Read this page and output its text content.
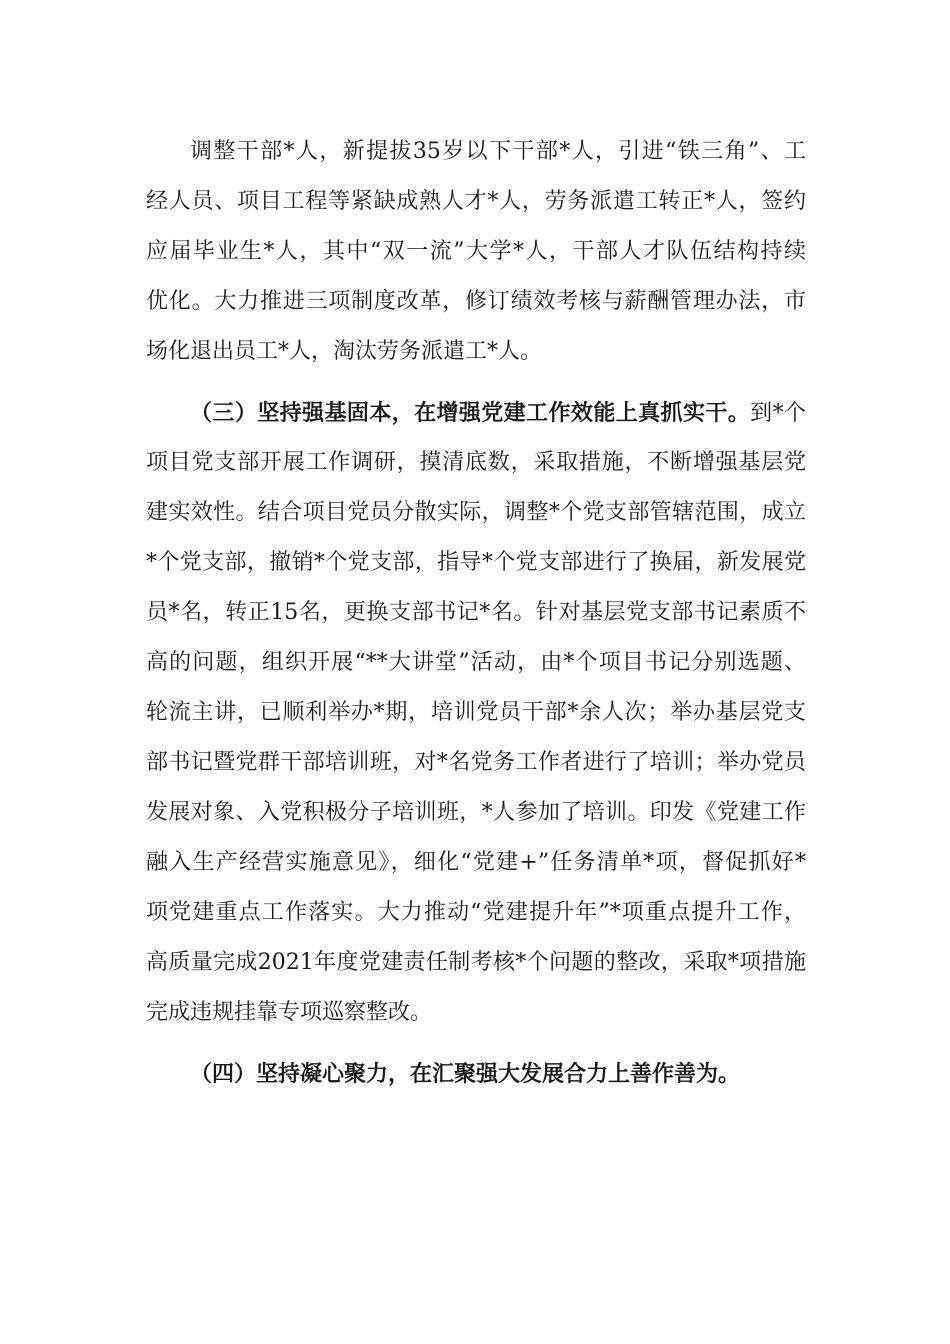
调整干部*人，新提拔35岁以下干部*人，引进“铁三角”、工
经人员、项目工程等紧缺成熟人才*人，劳务派遣工转正*人，签约
应届毕业生*人，其中“双一流”大学*人，干部人才队伍结构持续
优化。大力推进三项制度改革，修订绩效考核与薪酬管理办法，市
场化退出员工*人，淘汰劳务派遣工*人。
（三）坚持强基固本，在增强党建工作效能上真抓实干。到*个
项目党支部开展工作调研，摸清底数，采取措施，不断增强基层党
建实效性。结合项目党员分散实际，调整*个党支部管辖范围，成立
*个党支部，撤销*个党支部，指导*个党支部进行了换届，新发展党
员*名，转正15名，更换支部书记*名。针对基层党支部书记素质不
高的问题，组织开展“**大讲堂”活动，由*个项目书记分别选题、
轮流主讲，已顺利举办*期，培训党员干部*余人次；举办基层党支
部书记暨党群干部培训班，对*名党务工作者进行了培训；举办党员
发展对象、入党积极分子培训班，*人参加了培训。印发《党建工作
融入生产经营实施意见》，细化“党建+”任务清单*项，督促抓好*
项党建重点工作落实。大力推动“党建提升年”*项重点提升工作，
高质量完成2021年度党建责任制考核*个问题的整改，采取*项措施
完成违规挂靠专项巡察整改。
（四）坚持凝心聚力，在汇聚强大发展合力上善作善为。
